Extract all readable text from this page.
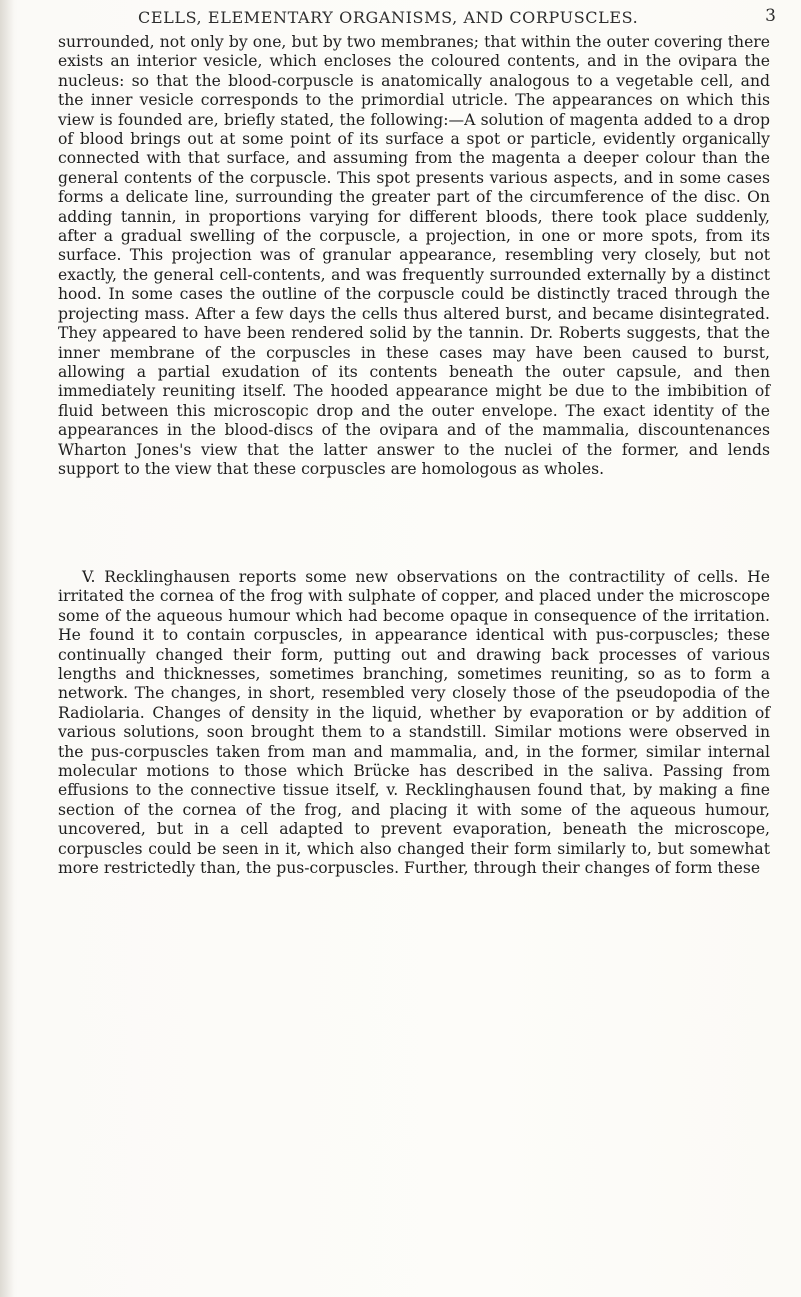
CELLS, ELEMENTARY ORGANISMS, AND CORPUSCLES.	3

surrounded, not only by one, but by two membranes; that within the outer covering there exists an interior vesicle, which encloses the coloured contents, and in the ovipara the nucleus: so that the blood-corpuscle is anatomically analogous to a vegetable cell, and the inner vesicle corresponds to the primordial utricle. The appearances on which this view is founded are, briefly stated, the following:—A solution of magenta added to a drop of blood brings out at some point of its surface a spot or particle, evidently organically connected with that surface, and assuming from the magenta a deeper colour than the general contents of the corpuscle. This spot presents various aspects, and in some cases forms a delicate line, surrounding the greater part of the circumference of the disc. On adding tannin, in proportions varying for different bloods, there took place suddenly, after a gradual swelling of the corpuscle, a projection, in one or more spots, from its surface. This projection was of granular appearance, resembling very closely, but not exactly, the general cell-contents, and was frequently surrounded externally by a distinct hood. In some cases the outline of the corpuscle could be distinctly traced through the projecting mass. After a few days the cells thus altered burst, and became disintegrated. They appeared to have been rendered solid by the tannin. Dr. Roberts suggests, that the inner membrane of the corpuscles in these cases may have been caused to burst, allowing a partial exudation of its contents beneath the outer capsule, and then immediately reuniting itself. The hooded appearance might be due to the imbibition of fluid between this microscopic drop and the outer envelope. The exact identity of the appearances in the blood-discs of the ovipara and of the mammalia, discountenances Wharton Jones's view that the latter answer to the nuclei of the former, and lends support to the view that these corpuscles are homologous as wholes.

V. Recklinghausen reports some new observations on the contractility of cells. He irritated the cornea of the frog with sulphate of copper, and placed under the microscope some of the aqueous humour which had become opaque in consequence of the irritation. He found it to contain corpuscles, in appearance identical with pus-corpuscles; these continually changed their form, putting out and drawing back processes of various lengths and thicknesses, sometimes branching, sometimes reuniting, so as to form a network. The changes, in short, resembled very closely those of the pseudopodia of the Radiolaria. Changes of density in the liquid, whether by evaporation or by addition of various solutions, soon brought them to a standstill. Similar motions were observed in the pus-corpuscles taken from man and mammalia, and, in the former, similar internal molecular motions to those which Brücke has described in the saliva. Passing from effusions to the connective tissue itself, v. Recklinghausen found that, by making a fine section of the cornea of the frog, and placing it with some of the aqueous humour, uncovered, but in a cell adapted to prevent evaporation, beneath the microscope, corpuscles could be seen in it, which also changed their form similarly to, but somewhat more restrictedly than, the pus-corpuscles. Further, through their changes of form these
